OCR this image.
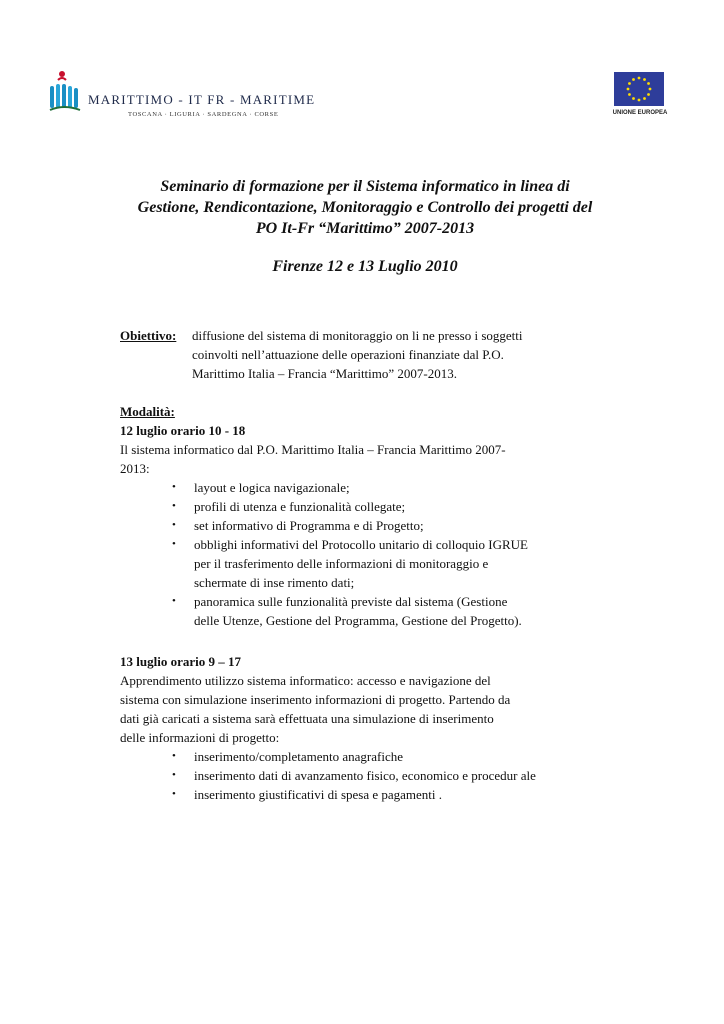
MARITTIMO - IT FR - MARITIME
TOSCANA · LIGURIA · SARDEGNA · CORSE	UNIONE EUROPEA
Seminario di formazione per il Sistema informatico in linea di
Gestione, Rendicontazione, Monitoraggio e Controllo dei progetti del
PO It-Fr “Marittimo” 2007-2013
Firenze 12 e 13 Luglio 2010
Obiettivo: diffusione del sistema di monitoraggio on li ne presso i soggetti
coinvolti nell’attuazione delle operazioni finanziate dal P.O.
Marittimo Italia – Francia “Marittimo” 2007-2013.
Modalità:
12 luglio orario 10 - 18
Il sistema informatico dal P.O. Marittimo Italia – Francia Marittimo 2007-
2013:
• layout e logica navigazionale;
• profili di utenza e funzionalità collegate;
• set informativo di Programma e di Progetto;
• obblighi informativi del Protocollo unitario di colloquio IGRUE
per il trasferimento delle informazioni di monitoraggio e
schermate di inse rimento dati;
• panoramica sulle funzionalità previste dal sistema (Gestione
delle Utenze, Gestione del Programma, Gestione del Progetto).
13 luglio orario 9 – 17
Apprendimento utilizzo sistema informatico: accesso e navigazione del
sistema con simulazione inserimento informazioni di progetto. Partendo da
dati già caricati a sistema sarà effettuata una simulazione di inserimento
delle informazioni di progetto:
• inserimento/completamento anagrafiche
• inserimento dati di avanzamento fisico, economico e procedur ale
• inserimento giustificativi di spesa e pagamenti .
